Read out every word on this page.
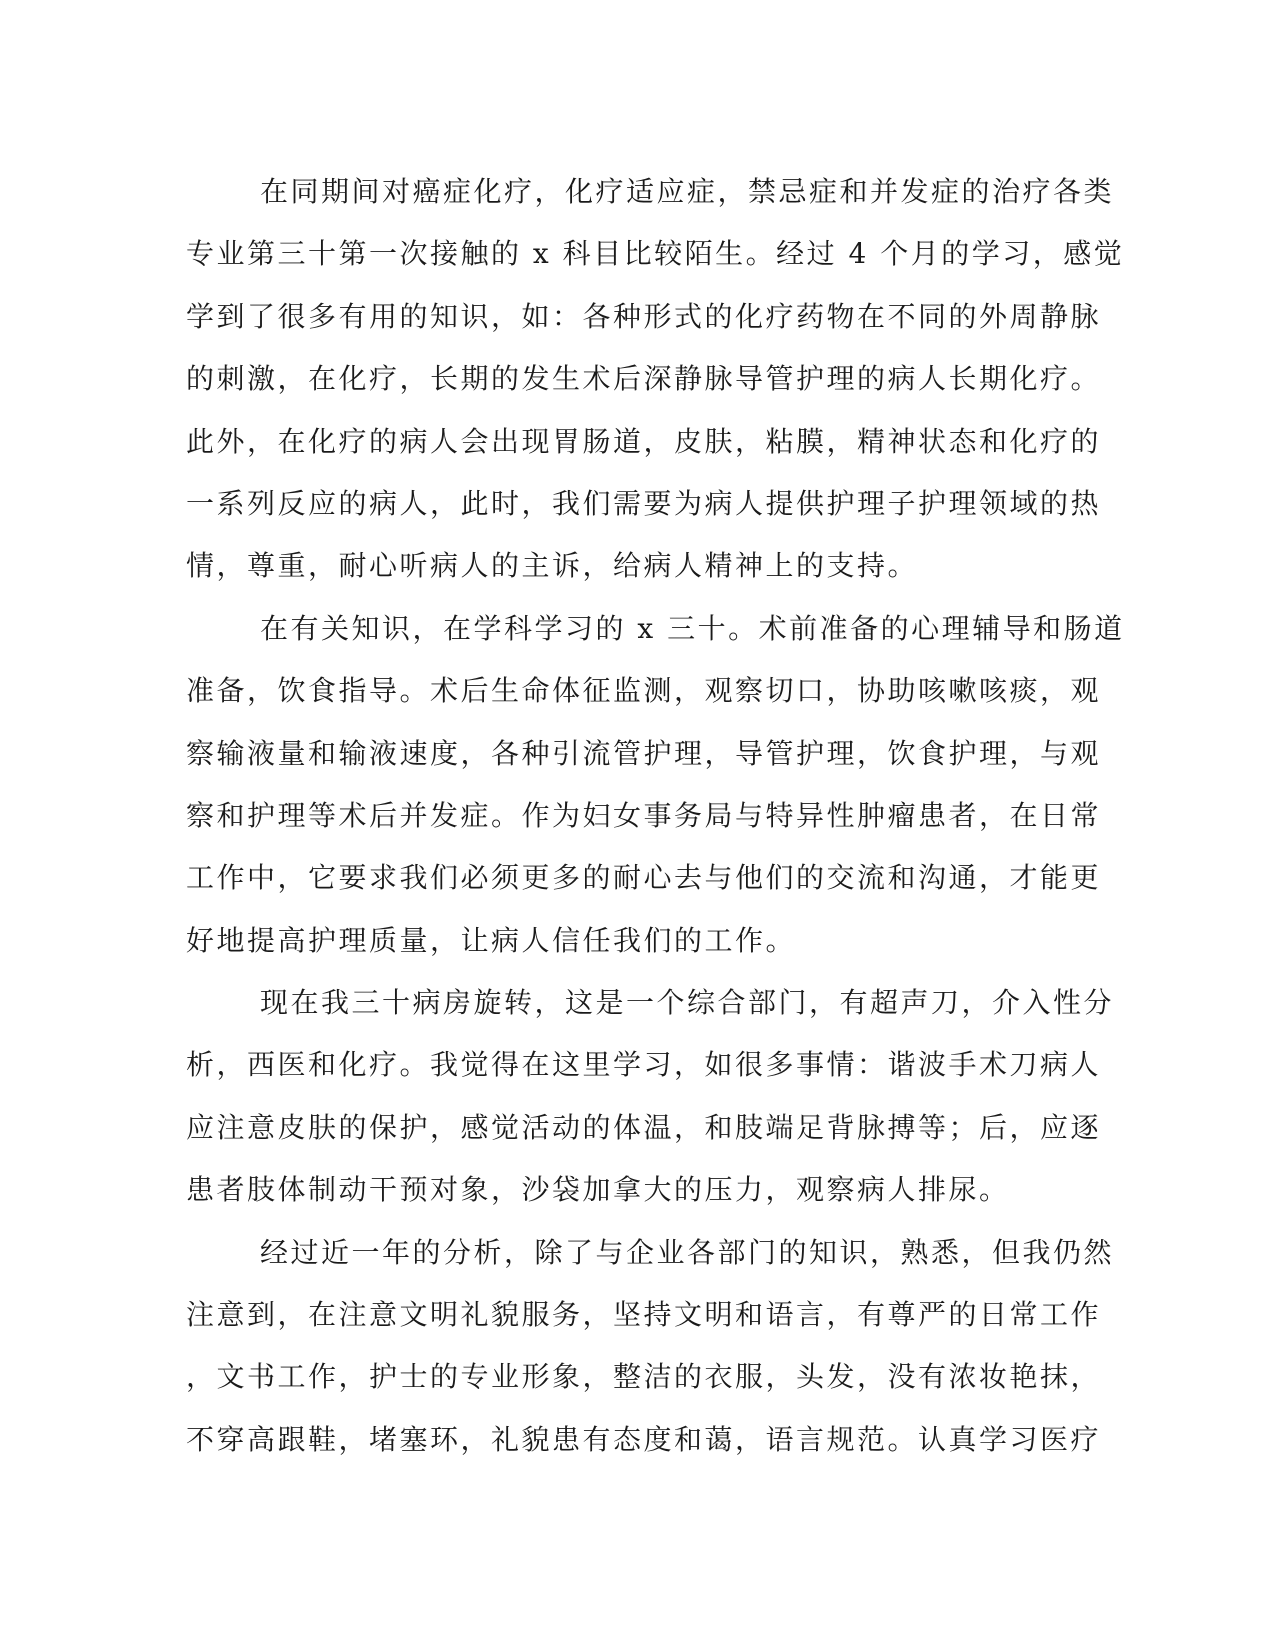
在同期间对癌症化疗，化疗适应症，禁忌症和并发症的治疗各类
专业第三十第一次接触的 x 科目比较陌生。经过 4 个月的学习，感觉
学到了很多有用的知识，如：各种形式的化疗药物在不同的外周静脉
的刺激，在化疗，长期的发生术后深静脉导管护理的病人长期化疗。
此外，在化疗的病人会出现胃肠道，皮肤，粘膜，精神状态和化疗的
一系列反应的病人，此时，我们需要为病人提供护理子护理领域的热
情，尊重，耐心听病人的主诉，给病人精神上的支持。
在有关知识，在学科学习的 x 三十。术前准备的心理辅导和肠道
准备，饮食指导。术后生命体征监测，观察切口，协助咳嗽咳痰，观
察输液量和输液速度，各种引流管护理，导管护理，饮食护理，与观
察和护理等术后并发症。作为妇女事务局与特异性肿瘤患者，在日常
工作中，它要求我们必须更多的耐心去与他们的交流和沟通，才能更
好地提高护理质量，让病人信任我们的工作。
现在我三十病房旋转，这是一个综合部门，有超声刀，介入性分
析，西医和化疗。我觉得在这里学习，如很多事情：谐波手术刀病人
应注意皮肤的保护，感觉活动的体温，和肢端足背脉搏等；后，应逐
患者肢体制动干预对象，沙袋加拿大的压力，观察病人排尿。
经过近一年的分析，除了与企业各部门的知识，熟悉，但我仍然
注意到，在注意文明礼貌服务，坚持文明和语言，有尊严的日常工作
，文书工作，护士的专业形象，整洁的衣服，头发，没有浓妆艳抹，
不穿高跟鞋，堵塞环，礼貌患有态度和蔼，语言规范。认真学习医疗
